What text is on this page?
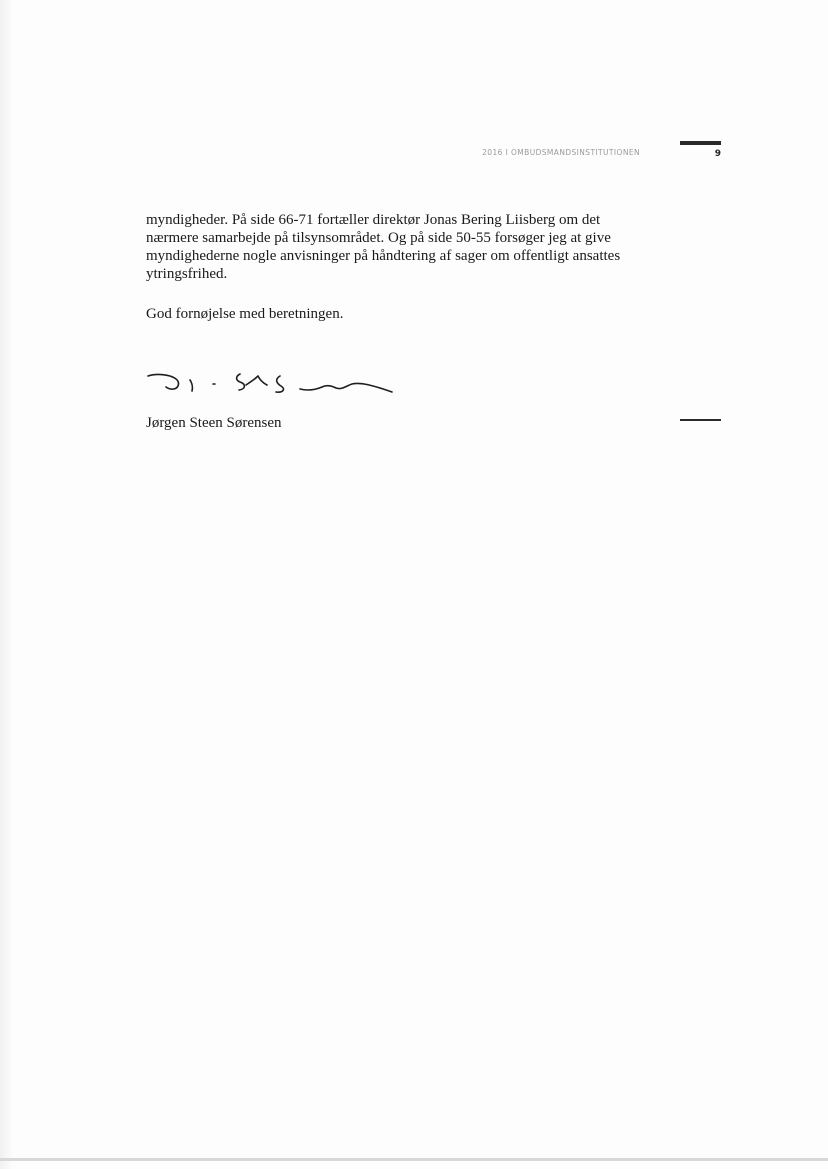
2016 I OMBUDSMANDSINSTITUTIONEN	9

myndigheder. På side 66-71 fortæller direktør Jonas Bering Liisberg om det
nærmere samarbejde på tilsynsområdet. Og på side 50-55 forsøger jeg at give
myndighederne nogle anvisninger på håndtering af sager om offentligt ansattes
ytringsfrihed.

God fornøjelse med beretningen.

Jørgen Steen Sørensen
